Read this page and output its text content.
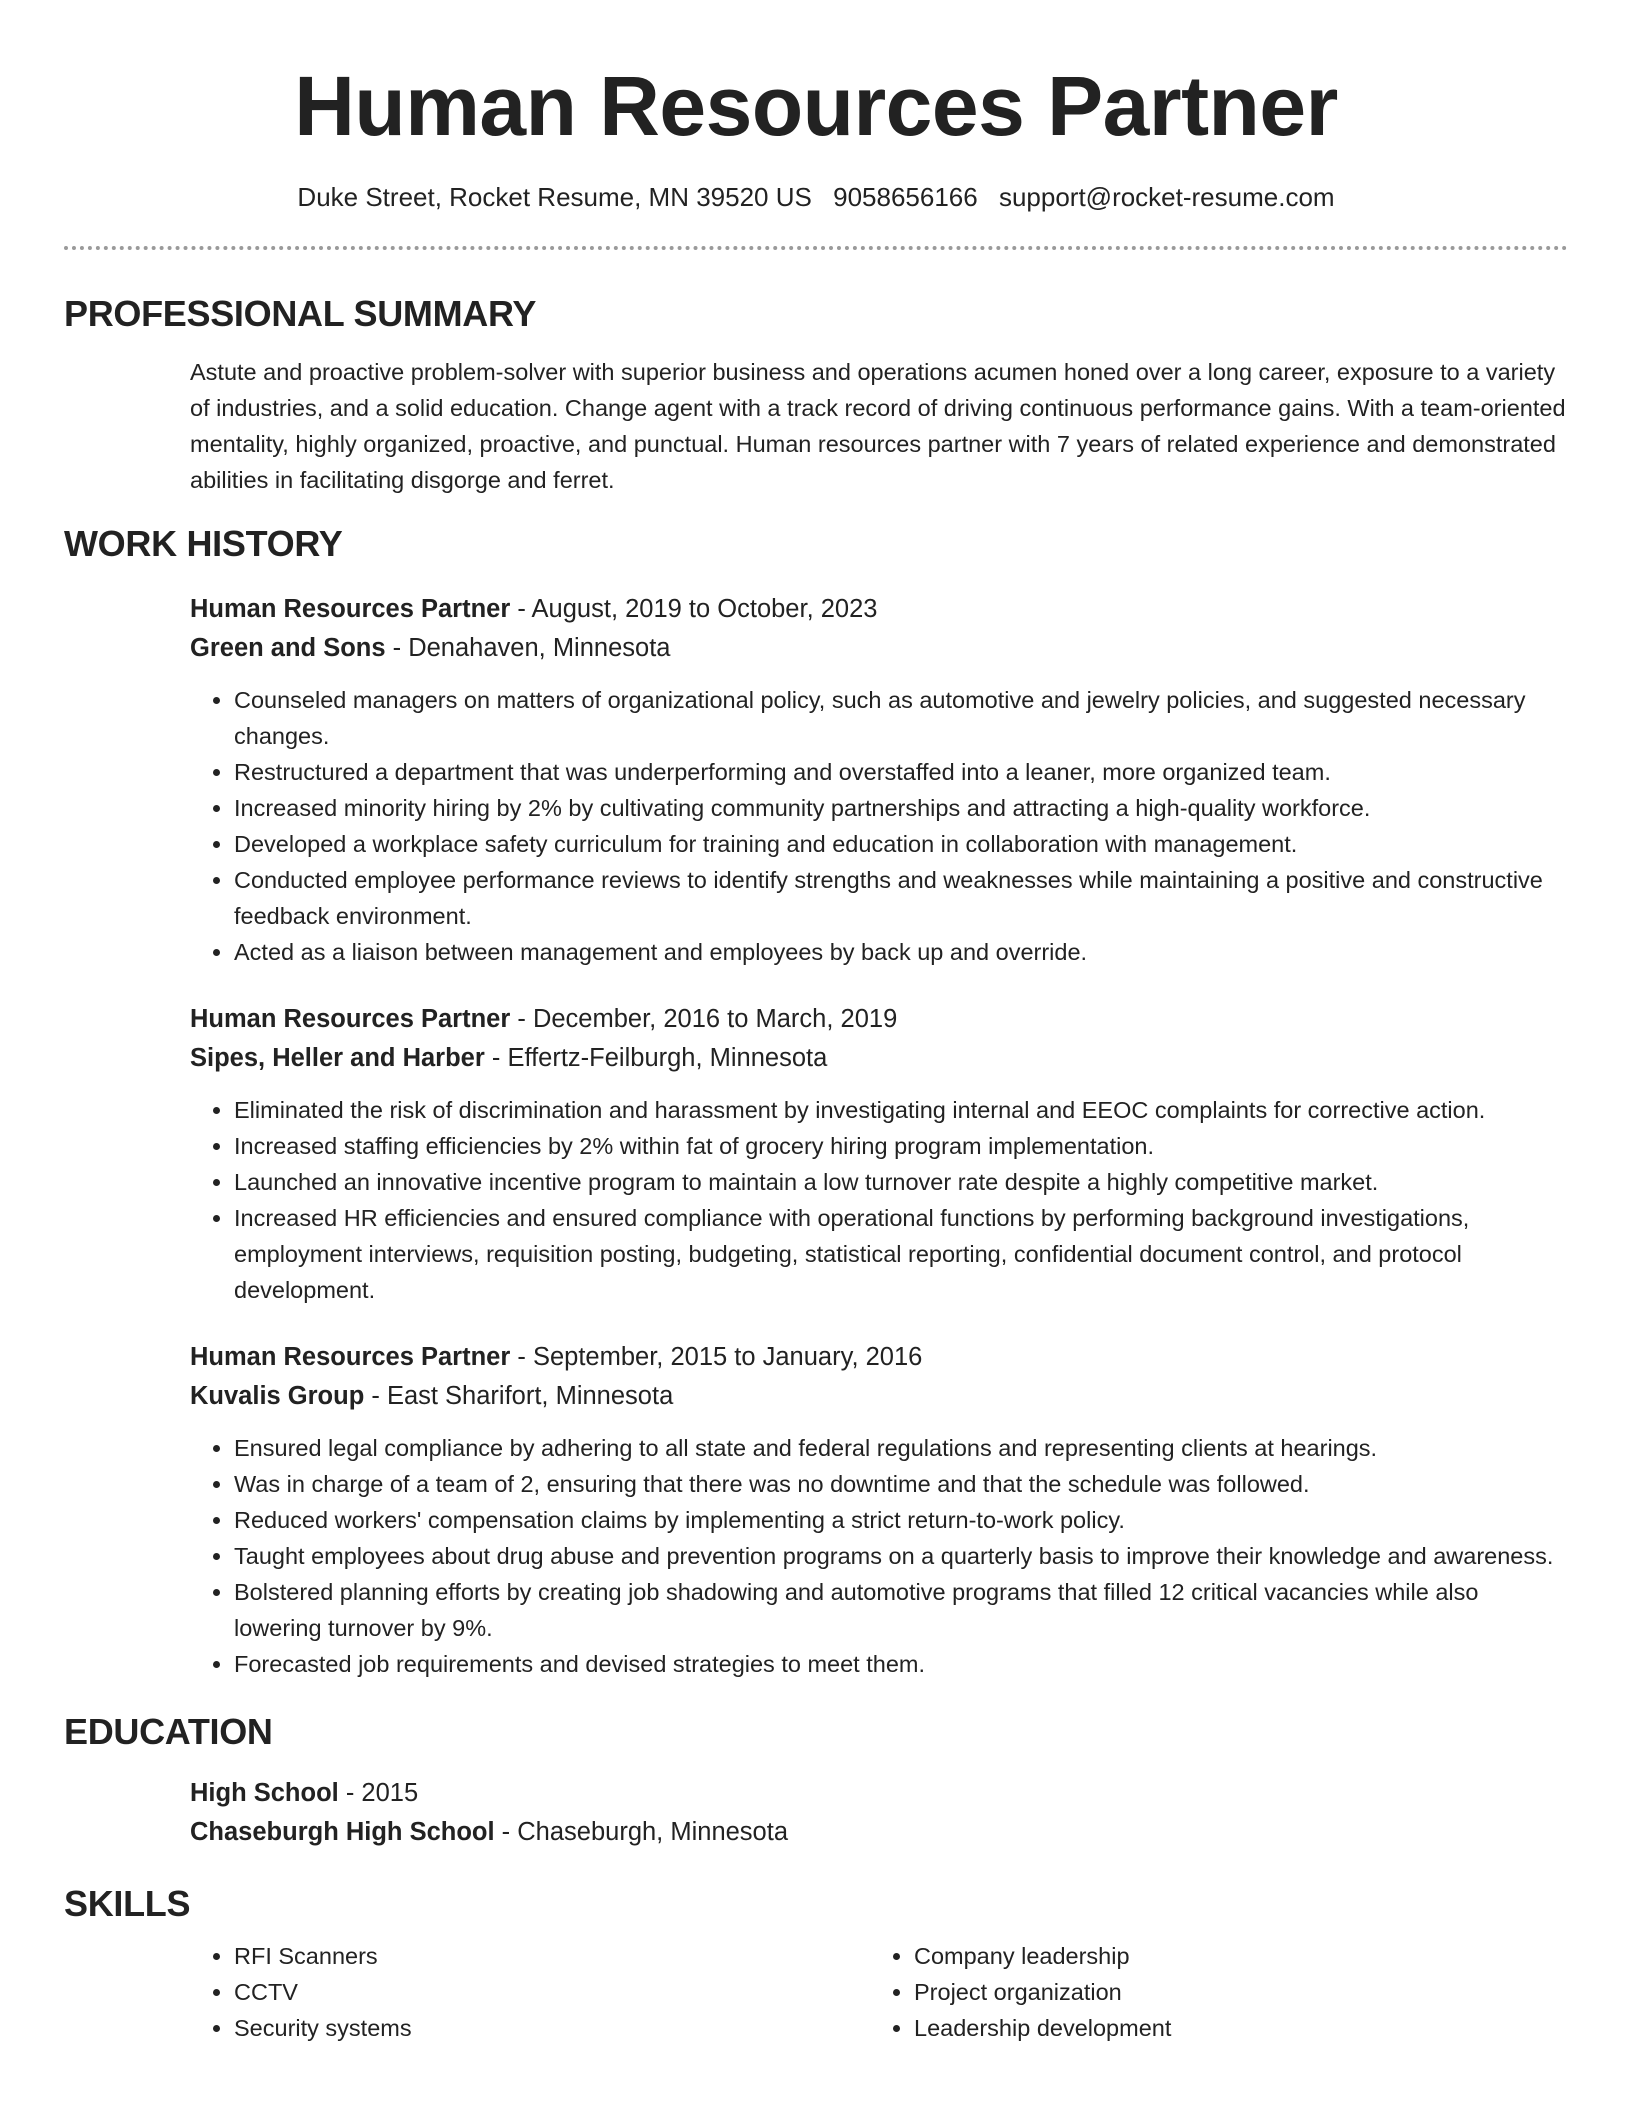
Human Resources Partner
Duke Street, Rocket Resume, MN 39520 US 9058656166 support@rocket-resume.com
PROFESSIONAL SUMMARY

Astute and proactive problem-solver with superior business and operations acumen honed over a long career, exposure to a variety of industries, and a solid education. Change agent with a track record of driving continuous performance gains. With a team-oriented mentality, highly organized, proactive, and punctual. Human resources partner with 7 years of related experience and demonstrated abilities in facilitating disgorge and ferret.

WORK HISTORY
Human Resources Partner - August, 2019 to October, 2023
Green and Sons - Denahaven, Minnesota
• Counseled managers on matters of organizational policy, such as automotive and jewelry policies, and suggested necessary changes.
• Restructured a department that was underperforming and overstaffed into a leaner, more organized team.
• Increased minority hiring by 2% by cultivating community partnerships and attracting a high-quality workforce.
• Developed a workplace safety curriculum for training and education in collaboration with management.
• Conducted employee performance reviews to identify strengths and weaknesses while maintaining a positive and constructive feedback environment.
• Acted as a liaison between management and employees by back up and override.
Human Resources Partner - December, 2016 to March, 2019
Sipes, Heller and Harber - Effertz-Feilburgh, Minnesota
• Eliminated the risk of discrimination and harassment by investigating internal and EEOC complaints for corrective action.
• Increased staffing efficiencies by 2% within fat of grocery hiring program implementation.
• Launched an innovative incentive program to maintain a low turnover rate despite a highly competitive market.
• Increased HR efficiencies and ensured compliance with operational functions by performing background investigations, employment interviews, requisition posting, budgeting, statistical reporting, confidential document control, and protocol development.
Human Resources Partner - September, 2015 to January, 2016
Kuvalis Group - East Sharifort, Minnesota
• Ensured legal compliance by adhering to all state and federal regulations and representing clients at hearings.
• Was in charge of a team of 2, ensuring that there was no downtime and that the schedule was followed.
• Reduced workers' compensation claims by implementing a strict return-to-work policy.
• Taught employees about drug abuse and prevention programs on a quarterly basis to improve their knowledge and awareness.
• Bolstered planning efforts by creating job shadowing and automotive programs that filled 12 critical vacancies while also lowering turnover by 9%.
• Forecasted job requirements and devised strategies to meet them.
EDUCATION
High School - 2015
Chaseburgh High School - Chaseburgh, Minnesota
SKILLS
• RFI Scanners
• CCTV
• Security systems
• Company leadership
• Project organization
• Leadership development
